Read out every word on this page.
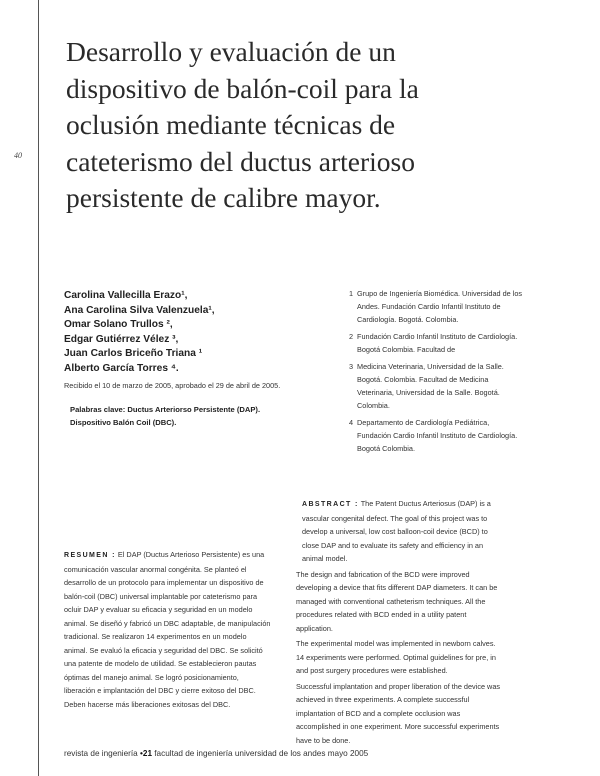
40
Desarrollo y evaluación de un
dispositivo de balón-coil para la
oclusión mediante técnicas de
cateterismo del ductus arterioso
persistente de calibre mayor.
Carolina Vallecilla Erazo¹,
Ana Carolina Silva Valenzuela¹,
Omar Solano Trullos ²,
Edgar Gutiérrez Vélez ³,
Juan Carlos Briceño Triana ¹
Alberto García Torres ⁴.
Recibido el 10 de marzo de 2005, aprobado el 29 de abril de 2005.
Palabras clave: Ductus Arteriorso Persistente (DAP).
Dispositivo Balón Coil (DBC).
1 Grupo de Ingeniería Biomédica. Universidad de los Andes. Fundación Cardio Infantil Instituto de Cardiología. Bogotá. Colombia.
2 Fundación Cardio Infantil Instituto de Cardiología. Bogotá Colombia. Facultad de
3 Medicina Veterinaria, Universidad de la Salle. Bogotá. Colombia. Facultad de Medicina Veterinaria, Universidad de la Salle. Bogotá. Colombia.
4 Departamento de Cardiología Pediátrica, Fundación Cardio Infantil Instituto de Cardiología. Bogotá Colombia.

ABSTRACT : The Patent Ductus Arteriosus (DAP) is a vascular congenital defect. The goal of this project was to develop a universal, low cost balloon-coil device (BCD) to close DAP and to evaluate its safety and efficiency in an animal model.

The design and fabrication of the BCD were improved developing a device that fits different DAP diameters. It can be managed with conventional catheterism techniques. All the procedures related with BCD ended in a utility patent application.

The experimental model was implemented in newborn calves. 14 experiments were performed. Optimal guidelines for pre, in and post surgery procedures were established.

Successful implantation and proper liberation of the device was achieved in three experiments. A complete successful implantation of BCD and a complete occlusion was accomplished in one experiment. More successful experiments have to be done.

RESUMEN : El DAP (Ductus Arterioso Persistente) es una comunicación vascular anormal congénita. Se planteó el desarrollo de un protocolo para implementar un dispositivo de balón-coil (DBC) universal implantable por cateterismo para ocluir DAP y evaluar su eficacia y seguridad en un modelo animal. Se diseñó y fabricó un DBC adaptable, de manipulación tradicional. Se realizaron 14 experimentos en un modelo animal. Se evaluó la eficacia y seguridad del DBC. Se solicitó una patente de modelo de utilidad. Se establecieron pautas óptimas del manejo animal. Se logró posicionamiento, liberación e implantación del DBC y cierre exitoso del DBC. Deben hacerse más liberaciones exitosas del DBC.
revista de ingeniería •21 facultad de ingeniería universidad de los andes mayo 2005
